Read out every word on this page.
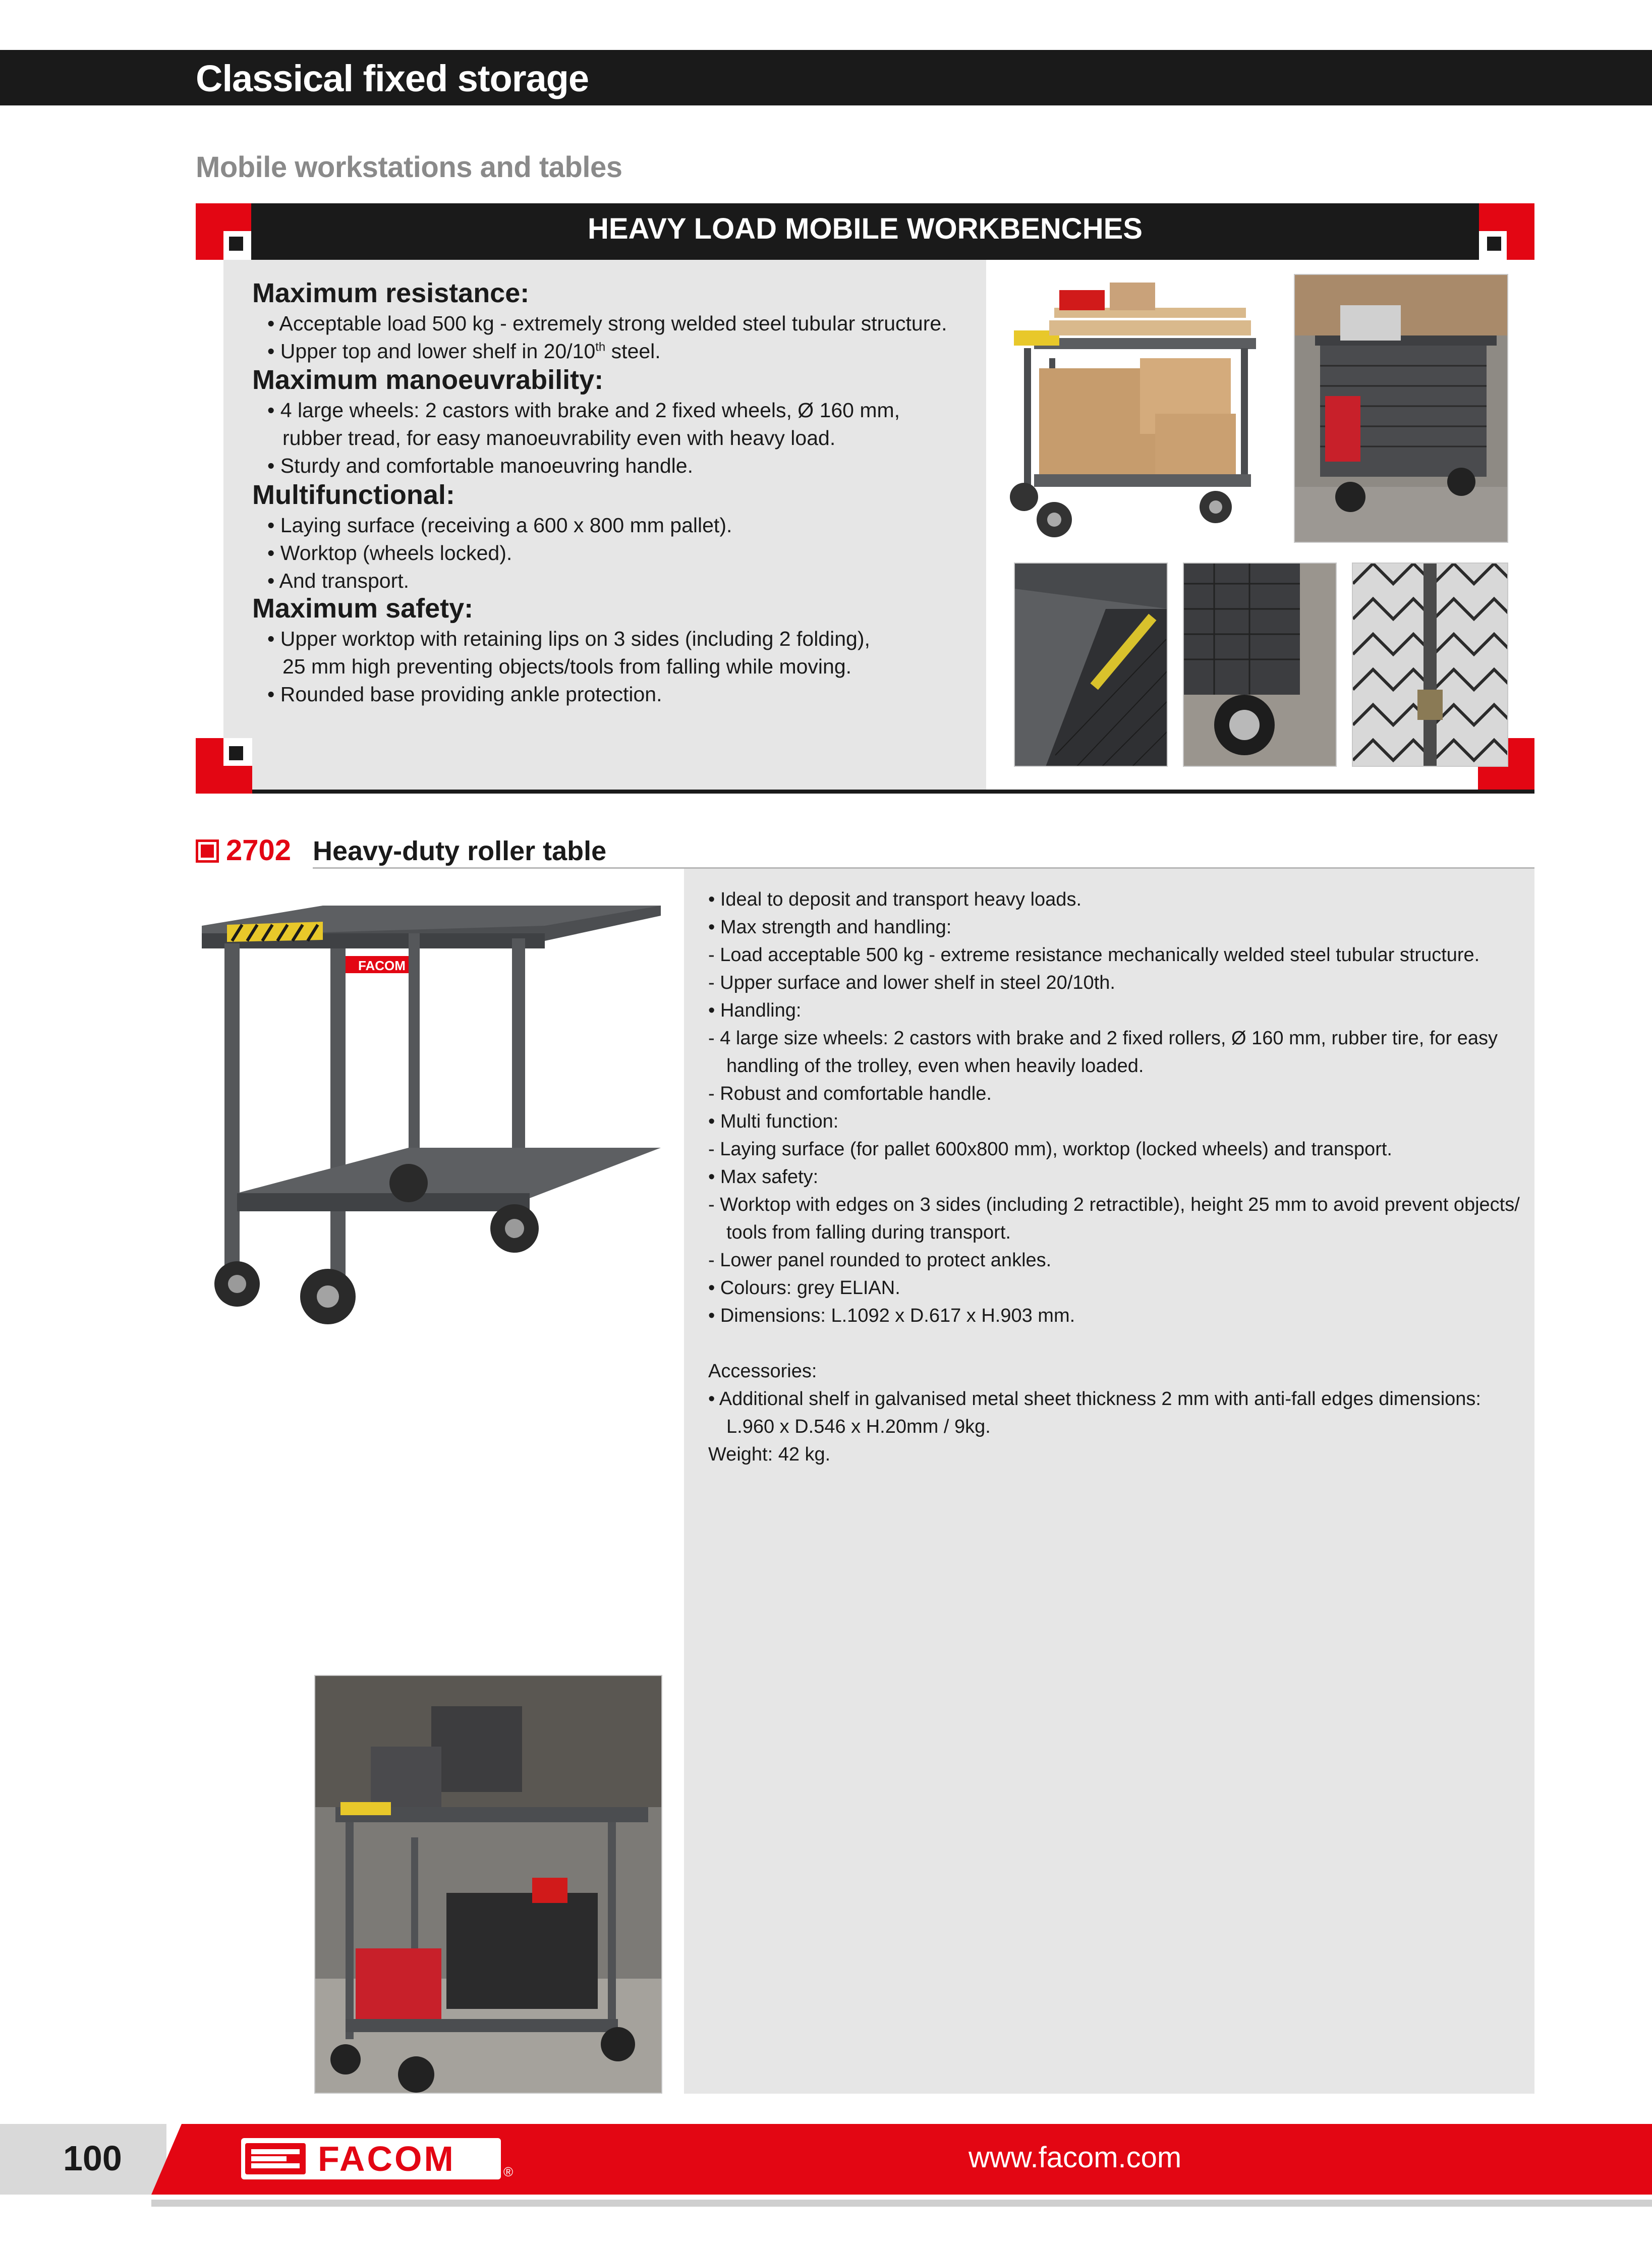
Classical fixed storage
Mobile workstations and tables
HEAVY LOAD MOBILE WORKBENCHES
Maximum resistance:
• Acceptable load 500 kg - extremely strong welded steel tubular structure.
• Upper top and lower shelf in 20/10th steel.
Maximum manoeuvrability:
• 4 large wheels: 2 castors with brake and 2 fixed wheels, Ø 160 mm,
rubber tread, for easy manoeuvrability even with heavy load.
• Sturdy and comfortable manoeuvring handle.
Multifunctional:
• Laying surface (receiving a 600 x 800 mm pallet).
• Worktop (wheels locked).
• And transport.
Maximum safety:
• Upper worktop with retaining lips on 3 sides (including 2 folding),
25 mm high preventing objects/tools from falling while moving.
• Rounded base providing ankle protection.
2702 Heavy-duty roller table
FACOM
• Ideal to deposit and transport heavy loads.
• Max strength and handling:
- Load acceptable 500 kg - extreme resistance mechanically welded steel tubular structure.
- Upper surface and lower shelf in steel 20/10th.
• Handling:
- 4 large size wheels: 2 castors with brake and 2 fixed rollers, Ø 160 mm, rubber tire, for easy
handling of the trolley, even when heavily loaded.
- Robust and comfortable handle.
• Multi function:
- Laying surface (for pallet 600x800 mm), worktop (locked wheels) and transport.
• Max safety:
- Worktop with edges on 3 sides (including 2 retractible), height 25 mm to avoid prevent objects/
tools from falling during transport.
- Lower panel rounded to protect ankles.
• Colours: grey ELIAN.
• Dimensions: L.1092 x D.617 x H.903 mm.
Accessories:
• Additional shelf in galvanised metal sheet thickness 2 mm with anti-fall edges dimensions:
L.960 x D.546 x H.20mm / 9kg.
Weight: 42 kg.
100	FACOM	®	www.facom.com
